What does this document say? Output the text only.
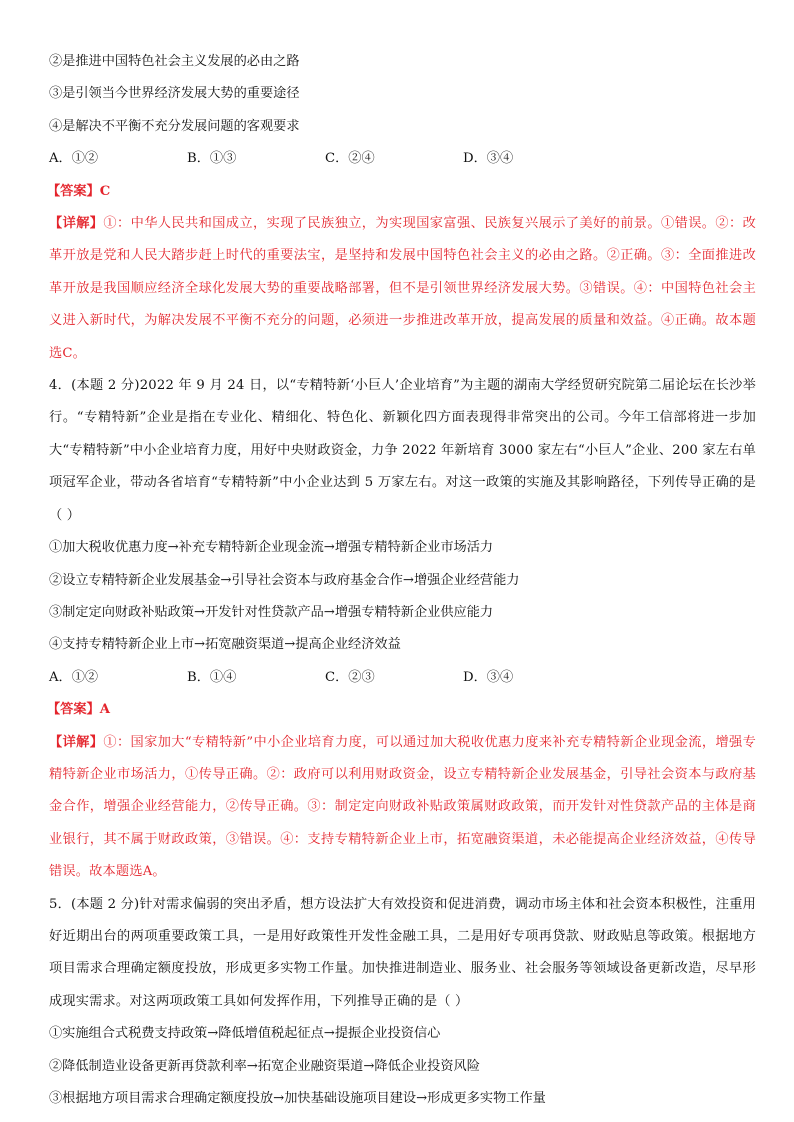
②是推进中国特色社会主义发展的必由之路
③是引领当今世界经济发展大势的重要途径
④是解决不平衡不充分发展问题的客观要求
A．①②	B．①③	C．②④	D．③④
【答案】C
【详解】①：中华人民共和国成立，实现了民族独立，为实现国家富强、民族复兴展示了美好的前景。①错误。②：改革开放是党和人民大踏步赶上时代的重要法宝，是坚持和发展中国特色社会主义的必由之路。②正确。③：全面推进改革开放是我国顺应经济全球化发展大势的重要战略部署，但不是引领世界经济发展大势。③错误。④：中国特色社会主义进入新时代，为解决发展不平衡不充分的问题，必须进一步推进改革开放，提高发展的质量和效益。④正确。故本题选C。
4．(本题 2 分)2022 年 9 月 24 日，以“专精特新‘小巨人’企业培育”为主题的湖南大学经贸研究院第二届论坛在长沙举行。“专精特新”企业是指在专业化、精细化、特色化、新颖化四方面表现得非常突出的公司。今年工信部将进一步加大“专精特新”中小企业培育力度，用好中央财政资金，力争 2022 年新培育 3000 家左右“小巨人”企业、200 家左右单项冠军企业，带动各省培育“专精特新”中小企业达到 5 万家左右。对这一政策的实施及其影响路径，下列传导正确的是（ ）
①加大税收优惠力度→补充专精特新企业现金流→增强专精特新企业市场活力
②设立专精特新企业发展基金→引导社会资本与政府基金合作→增强企业经营能力
③制定定向财政补贴政策→开发针对性贷款产品→增强专精特新企业供应能力
④支持专精特新企业上市→拓宽融资渠道→提高企业经济效益
A．①②	B．①④	C．②③	D．③④
【答案】A
【详解】①：国家加大“专精特新”中小企业培育力度，可以通过加大税收优惠力度来补充专精特新企业现金流，增强专精特新企业市场活力，①传导正确。②：政府可以利用财政资金，设立专精特新企业发展基金，引导社会资本与政府基金合作，增强企业经营能力，②传导正确。③：制定定向财政补贴政策属财政政策，而开发针对性贷款产品的主体是商业银行，其不属于财政政策，③错误。④：支持专精特新企业上市，拓宽融资渠道，未必能提高企业经济效益，④传导错误。故本题选A。
5．(本题 2 分)针对需求偏弱的突出矛盾，想方设法扩大有效投资和促进消费，调动市场主体和社会资本积极性，注重用好近期出台的两项重要政策工具，一是用好政策性开发性金融工具，二是用好专项再贷款、财政贴息等政策。根据地方项目需求合理确定额度投放，形成更多实物工作量。加快推进制造业、服务业、社会服务等领域设备更新改造，尽早形成现实需求。对这两项政策工具如何发挥作用，下列推导正确的是（ ）
①实施组合式税费支持政策→降低增值税起征点→提振企业投资信心
②降低制造业设备更新再贷款利率→拓宽企业融资渠道→降低企业投资风险
③根据地方项目需求合理确定额度投放→加快基础设施项目建设→形成更多实物工作量
